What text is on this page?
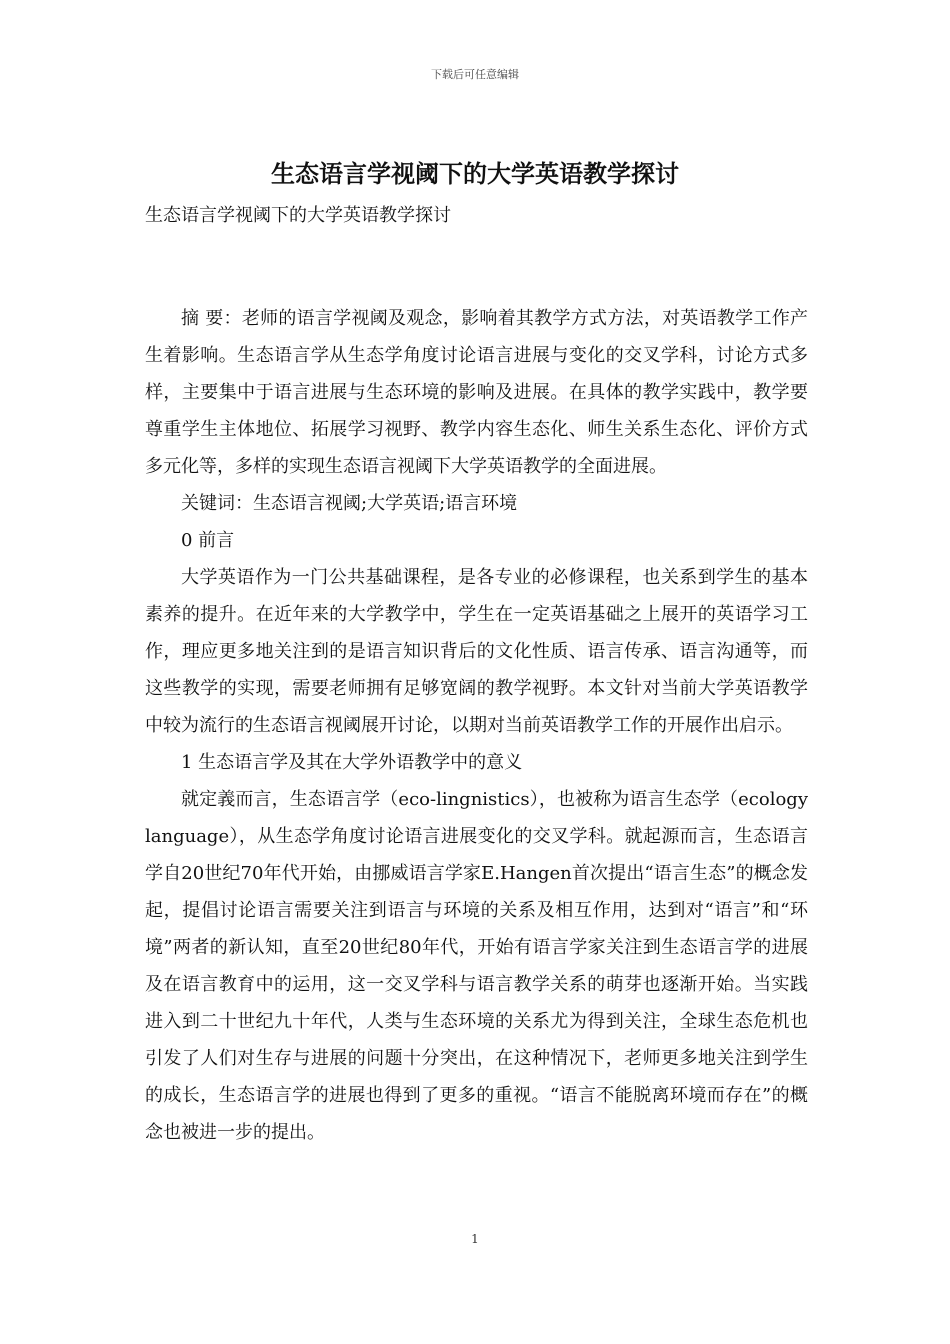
下载后可任意编辑
生态语言学视阈下的大学英语教学探讨

生态语言学视阈下的大学英语教学探讨

摘 要：老师的语言学视阈及观念，影响着其教学方式方法，对英语教学工作产生着影响。生态语言学从生态学角度讨论语言进展与变化的交叉学科，讨论方式多样，主要集中于语言进展与生态环境的影响及进展。在具体的教学实践中，教学要尊重学生主体地位、拓展学习视野、教学内容生态化、师生关系生态化、评价方式多元化等，多样的实现生态语言视阈下大学英语教学的全面进展。

关键词：生态语言视阈;大学英语;语言环境

0 前言

大学英语作为一门公共基础课程，是各专业的必修课程，也关系到学生的基本素养的提升。在近年来的大学教学中，学生在一定英语基础之上展开的英语学习工作，理应更多地关注到的是语言知识背后的文化性质、语言传承、语言沟通等，而这些教学的实现，需要老师拥有足够宽阔的教学视野。本文针对当前大学英语教学中较为流行的生态语言视阈展开讨论，以期对当前英语教学工作的开展作出启示。

1 生态语言学及其在大学外语教学中的意义

就定義而言，生态语言学（eco-lingnistics），也被称为语言生态学（ecology language），从生态学角度讨论语言进展变化的交叉学科。就起源而言，生态语言学自20世纪70年代开始，由挪威语言学家E.Hangen首次提出“语言生态”的概念发起，提倡讨论语言需要关注到语言与环境的关系及相互作用，达到对“语言”和“环境”两者的新认知，直至20世纪80年代，开始有语言学家关注到生态语言学的进展及在语言教育中的运用，这一交叉学科与语言教学关系的萌芽也逐渐开始。当实践进入到二十世纪九十年代，人类与生态环境的关系尤为得到关注，全球生态危机也引发了人们对生存与进展的问题十分突出，在这种情况下，老师更多地关注到学生的成长，生态语言学的进展也得到了更多的重视。“语言不能脱离环境而存在”的概念也被进一步的提出。

1
